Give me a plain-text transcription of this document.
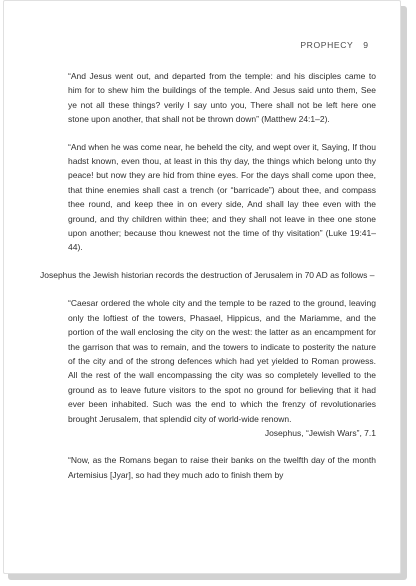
PROPHECY 9

“And Jesus went out, and departed from the temple: and his disciples came to him for to shew him the buildings of the temple. And Jesus said unto them, See ye not all these things? verily I say unto you, There shall not be left here one stone upon another, that shall not be thrown down” (Matthew 24:1–2).

“And when he was come near, he beheld the city, and wept over it, Saying, If thou hadst known, even thou, at least in this thy day, the things which belong unto thy peace! but now they are hid from thine eyes. For the days shall come upon thee, that thine enemies shall cast a trench (or “barricade”) about thee, and compass thee round, and keep thee in on every side, And shall lay thee even with the ground, and thy children within thee; and they shall not leave in thee one stone upon another; because thou knewest not the time of thy visitation” (Luke 19:41–44).

Josephus the Jewish historian records the destruction of Jerusalem in 70 AD as follows –

“Caesar ordered the whole city and the temple to be razed to the ground, leaving only the loftiest of the towers, Phasael, Hippicus, and the Mariamme, and the portion of the wall enclosing the city on the west: the latter as an encampment for the garrison that was to remain, and the towers to indicate to posterity the nature of the city and of the strong defences which had yet yielded to Roman prowess. All the rest of the wall encompassing the city was so completely levelled to the ground as to leave future visitors to the spot no ground for believing that it had ever been inhabited. Such was the end to which the frenzy of revolutionaries brought Jerusalem, that splendid city of world-wide renown.

Josephus, “Jewish Wars”, 7.1

“Now, as the Romans began to raise their banks on the twelfth day of the month Artemisius [Jyar], so had they much ado to finish them by
